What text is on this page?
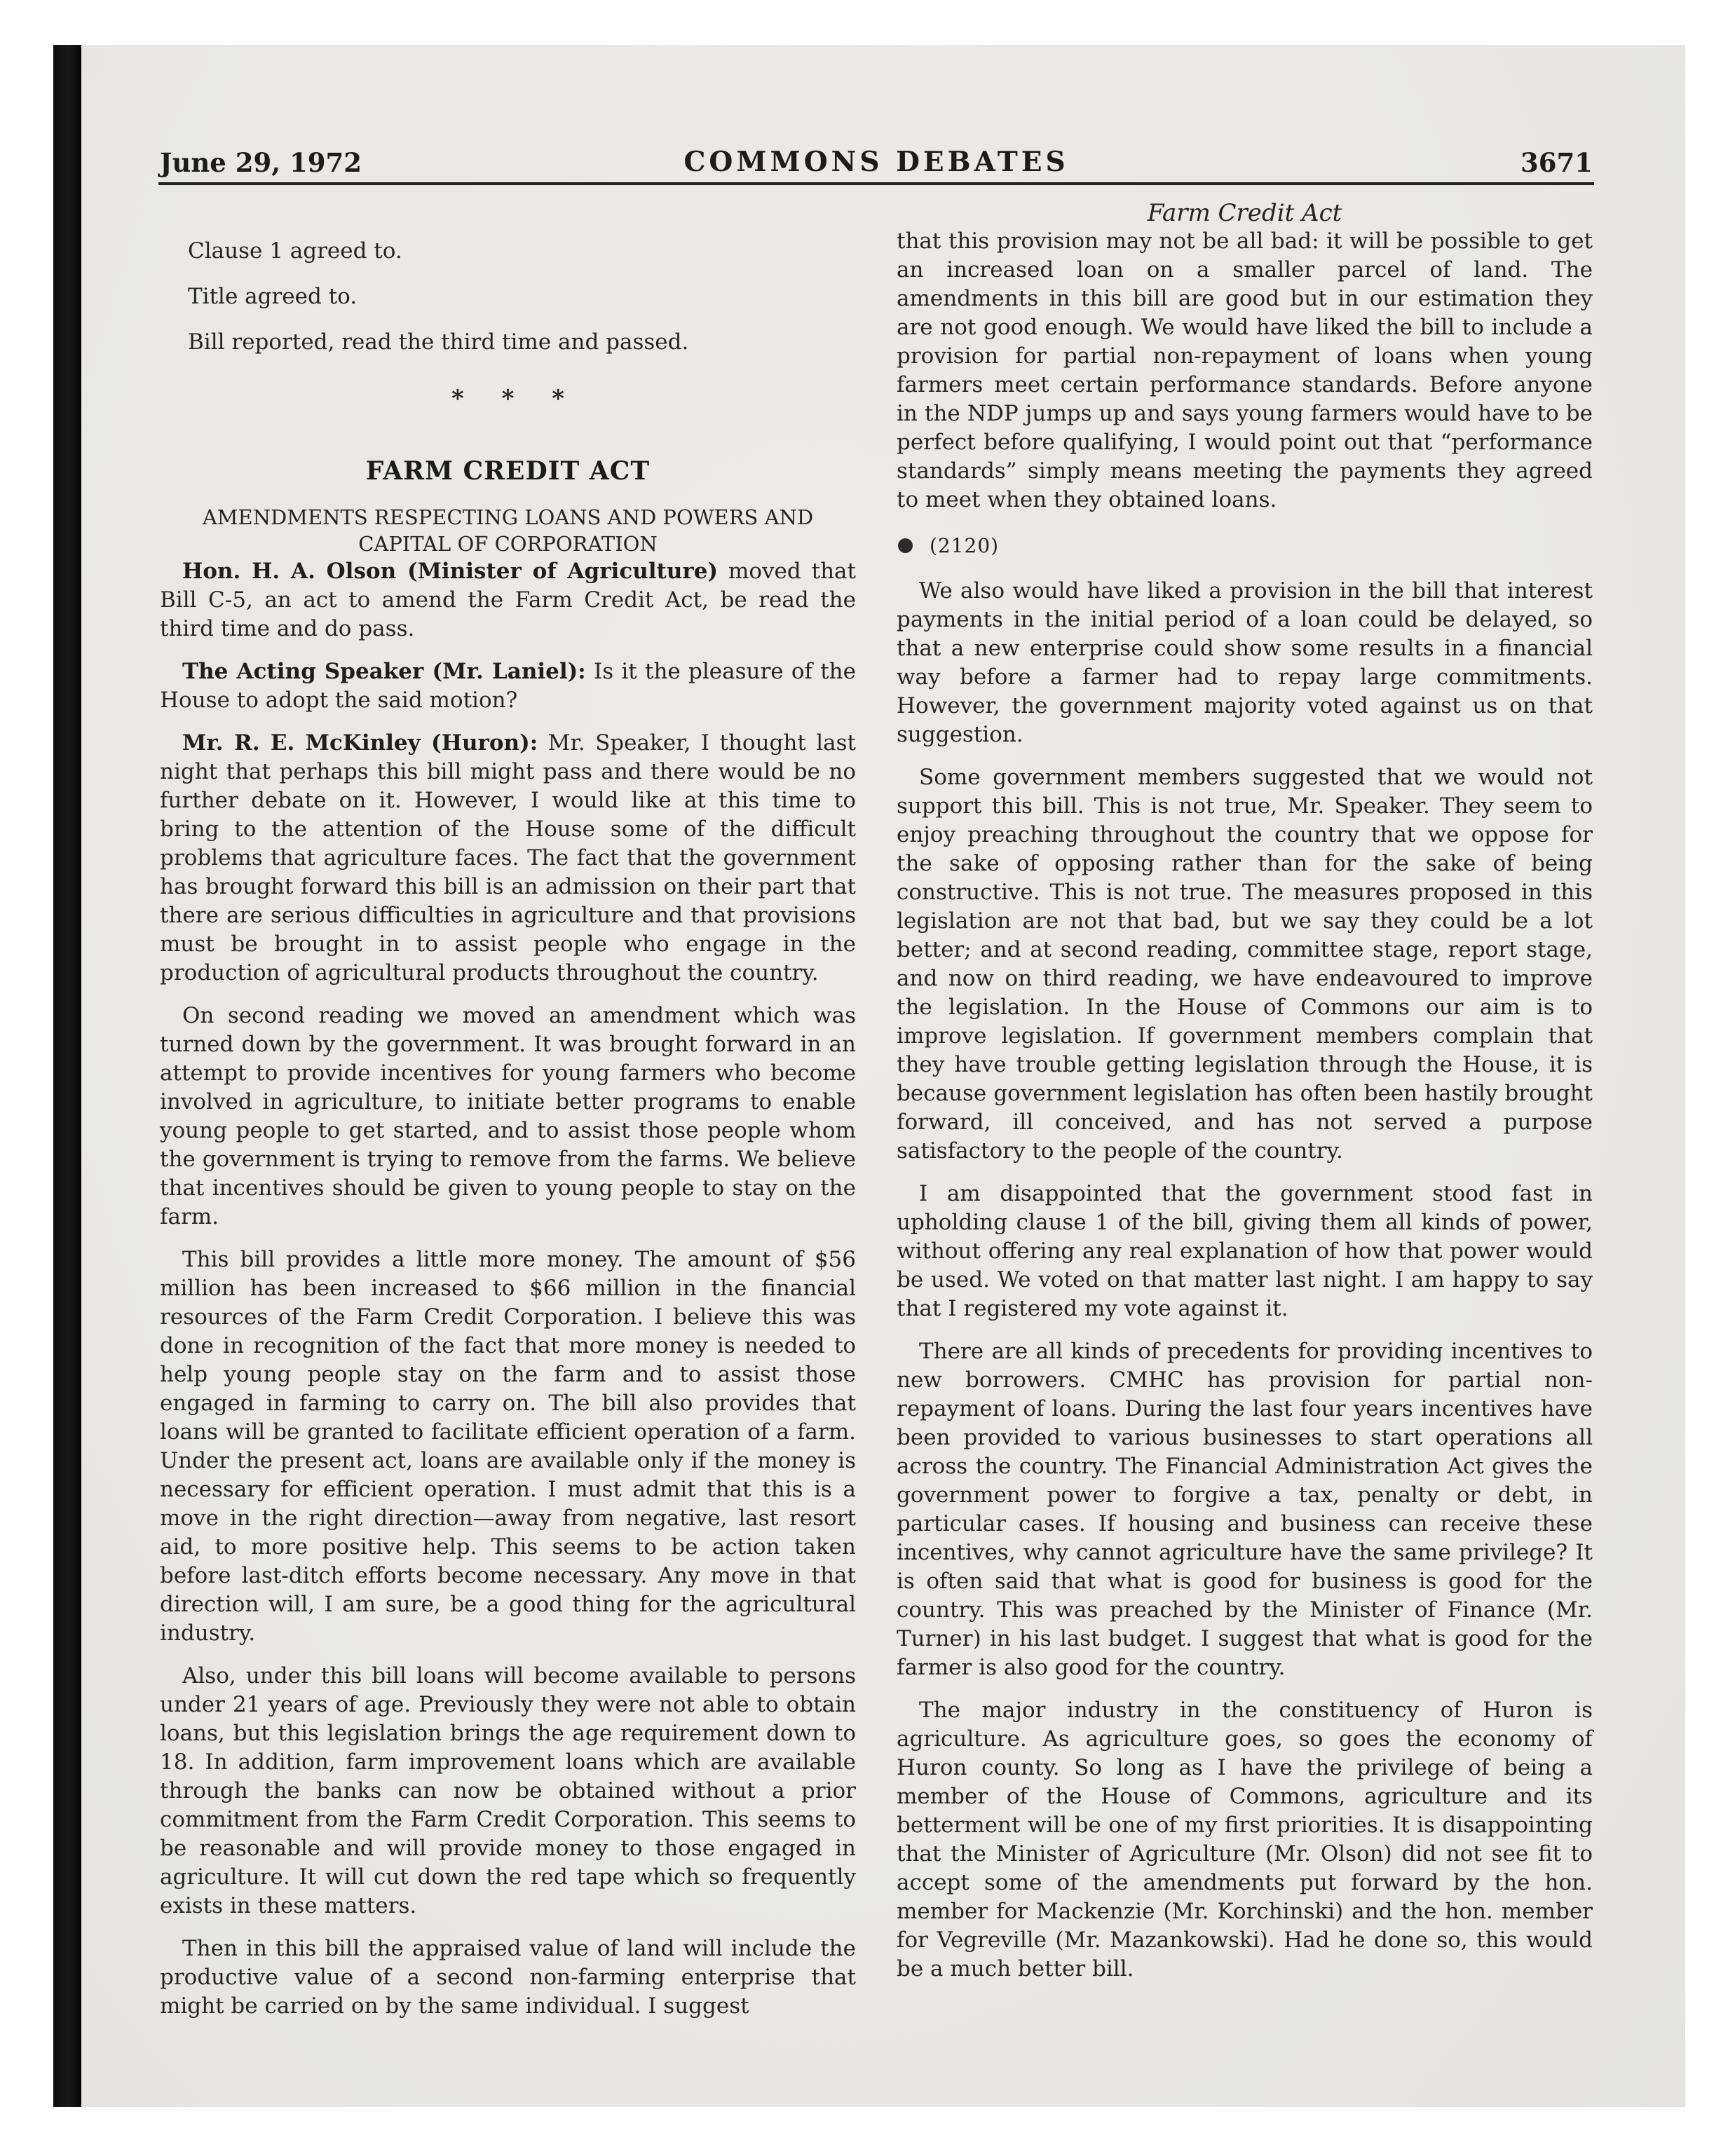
June 29, 1972	COMMONS DEBATES	3671

Clause 1 agreed to.

Title agreed to.

Bill reported, read the third time and passed.

* * *
FARM CREDIT ACT
AMENDMENTS RESPECTING LOANS AND POWERS AND CAPITAL OF CORPORATION

Hon. H. A. Olson (Minister of Agriculture) moved that Bill C-5, an act to amend the Farm Credit Act, be read the third time and do pass.

The Acting Speaker (Mr. Laniel): Is it the pleasure of the House to adopt the said motion?

Mr. R. E. McKinley (Huron): Mr. Speaker, I thought last night that perhaps this bill might pass and there would be no further debate on it. However, I would like at this time to bring to the attention of the House some of the difficult problems that agriculture faces. The fact that the government has brought forward this bill is an admission on their part that there are serious difficulties in agriculture and that provisions must be brought in to assist people who engage in the production of agricultural products throughout the country.

On second reading we moved an amendment which was turned down by the government. It was brought forward in an attempt to provide incentives for young farmers who become involved in agriculture, to initiate better programs to enable young people to get started, and to assist those people whom the government is trying to remove from the farms. We believe that incentives should be given to young people to stay on the farm.

This bill provides a little more money. The amount of $56 million has been increased to $66 million in the financial resources of the Farm Credit Corporation. I believe this was done in recognition of the fact that more money is needed to help young people stay on the farm and to assist those engaged in farming to carry on. The bill also provides that loans will be granted to facilitate efficient operation of a farm. Under the present act, loans are available only if the money is necessary for efficient operation. I must admit that this is a move in the right direction—away from negative, last resort aid, to more positive help. This seems to be action taken before last-ditch efforts become necessary. Any move in that direction will, I am sure, be a good thing for the agricultural industry.

Also, under this bill loans will become available to persons under 21 years of age. Previously they were not able to obtain loans, but this legislation brings the age requirement down to 18. In addition, farm improvement loans which are available through the banks can now be obtained without a prior commitment from the Farm Credit Corporation. This seems to be reasonable and will provide money to those engaged in agriculture. It will cut down the red tape which so frequently exists in these matters.

Then in this bill the appraised value of land will include the productive value of a second non-farming enterprise that might be carried on by the same individual. I suggest

Farm Credit Act

that this provision may not be all bad: it will be possible to get an increased loan on a smaller parcel of land. The amendments in this bill are good but in our estimation they are not good enough. We would have liked the bill to include a provision for partial non-repayment of loans when young farmers meet certain performance standards. Before anyone in the NDP jumps up and says young farmers would have to be perfect before qualifying, I would point out that “performance standards” simply means meeting the payments they agreed to meet when they obtained loans.

(2120)

We also would have liked a provision in the bill that interest payments in the initial period of a loan could be delayed, so that a new enterprise could show some results in a financial way before a farmer had to repay large commitments. However, the government majority voted against us on that suggestion.

Some government members suggested that we would not support this bill. This is not true, Mr. Speaker. They seem to enjoy preaching throughout the country that we oppose for the sake of opposing rather than for the sake of being constructive. This is not true. The measures proposed in this legislation are not that bad, but we say they could be a lot better; and at second reading, committee stage, report stage, and now on third reading, we have endeavoured to improve the legislation. In the House of Commons our aim is to improve legislation. If government members complain that they have trouble getting legislation through the House, it is because government legislation has often been hastily brought forward, ill conceived, and has not served a purpose satisfactory to the people of the country.

I am disappointed that the government stood fast in upholding clause 1 of the bill, giving them all kinds of power, without offering any real explanation of how that power would be used. We voted on that matter last night. I am happy to say that I registered my vote against it.

There are all kinds of precedents for providing incentives to new borrowers. CMHC has provision for partial non-repayment of loans. During the last four years incentives have been provided to various businesses to start operations all across the country. The Financial Administration Act gives the government power to forgive a tax, penalty or debt, in particular cases. If housing and business can receive these incentives, why cannot agriculture have the same privilege? It is often said that what is good for business is good for the country. This was preached by the Minister of Finance (Mr. Turner) in his last budget. I suggest that what is good for the farmer is also good for the country.

The major industry in the constituency of Huron is agriculture. As agriculture goes, so goes the economy of Huron county. So long as I have the privilege of being a member of the House of Commons, agriculture and its betterment will be one of my first priorities. It is disappointing that the Minister of Agriculture (Mr. Olson) did not see fit to accept some of the amendments put forward by the hon. member for Mackenzie (Mr. Korchinski) and the hon. member for Vegreville (Mr. Mazankowski). Had he done so, this would be a much better bill.
